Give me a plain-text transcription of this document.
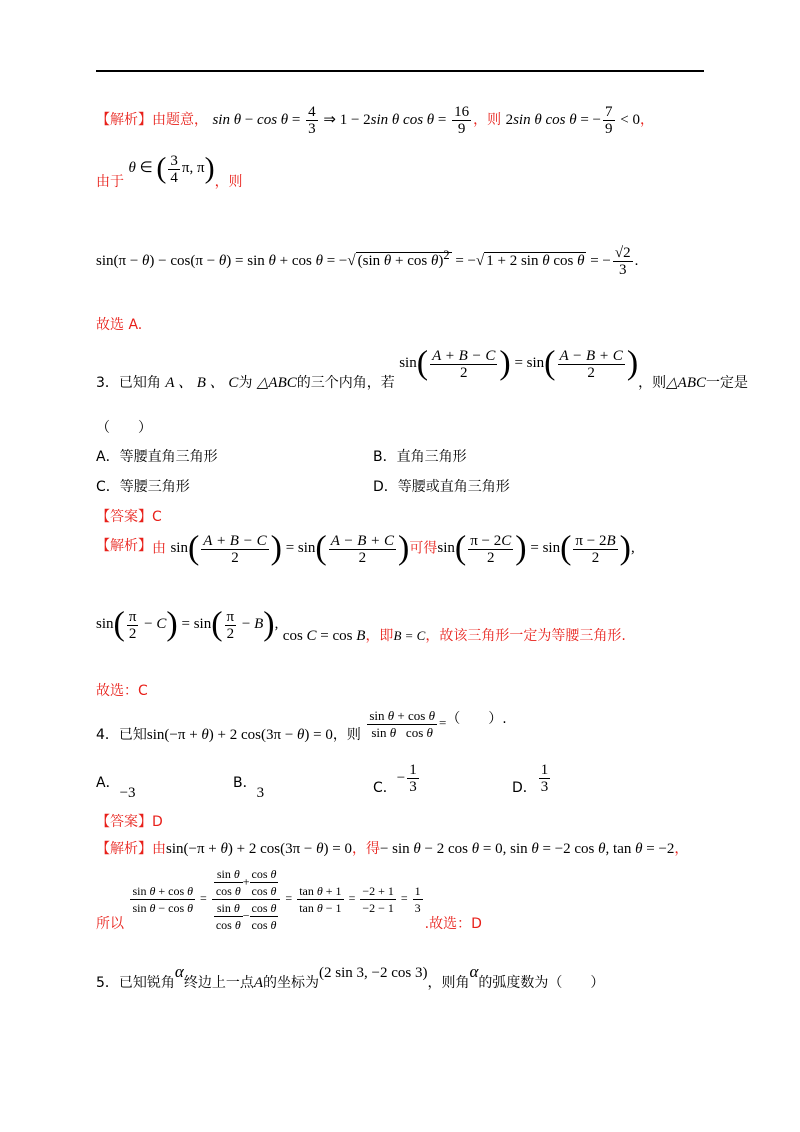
【解析】由题意， $\sin \theta - \cos \theta = \frac{4}{3}$ ⇒ 1 − 2sin θ $\cos \theta = \frac{16}{9}$ ，则 2sin θ cos θ = − $\frac{7}{9} < 0$，
由于 θ ∈ ( $\frac{3}{4} \pi$, π)，则
sin(π − θ) − cos(π − θ) = sin θ + cos θ = −√ (sin θ + cos θ)$^2$ = −√ 1 + 2 sin θ cos θ = − $\frac{√2}{3}$ .
故选 A.
3．已知角 A 、 B 、 C为 △ABC的三个内角，若 $\sin( \frac{A + B - C}{2}$ ) = $\sin( \frac{A - B + C}{2}$ )，则△ABC一定是
（　　）
A．等腰直角三角形	B．直角三角形
C．等腰三角形	D．等腰或直角三角形
【答案】C
【解析】由 $\sin( \frac{A + B - C}{2}$ ) = $\sin( \frac{A - B + C}{2}$ )可得$\sin( \frac{\pi - 2C}{2}$ ) = $\sin( \frac{\pi - 2B}{2}$ ),
$\sin( \frac{\pi}{2} - C) = \sin( \frac{\pi}{2} - B)$, cos C = cos B，即B = C，故该三角形一定为等腰三角形.
故选：C
4．已知sin(−π + θ) + 2 cos(3π − θ) = 0，则 $\frac{\text{sin θ + cos θ}}{\text{sin θ   cos θ}}$ =（　　）.
A．−3
B．3	C．− $\frac{1}{3}$	D． $\frac{1}{3}$
【答案】D
【解析】由sin(−π + θ) + 2 cos(3π − θ) = 0，得− sin θ − 2 cos θ = 0, sin θ = −2 cos θ, tan θ = −2，
所以
$\frac{\text{sin θ + cos θ}}{\text{sin θ − cos θ}} = \frac{\frac{\text{sin θ}}{\text{cos θ}} + \frac{\text{cos θ}}{\text{cos θ}}}{\frac{\text{sin θ}}{\text{cos θ}} - \frac{\text{cos θ}}{\text{cos θ}}} = \frac{\text{tan θ + 1}}{\text{tan θ − 1}} = \frac{-2 + 1}{-2 - 1} = \frac{1}{3}$
.故选：D
5．已知锐角α终边上一点A的坐标为(2 sin 3, −2 cos 3)，则角α的弧度数为（　　）
